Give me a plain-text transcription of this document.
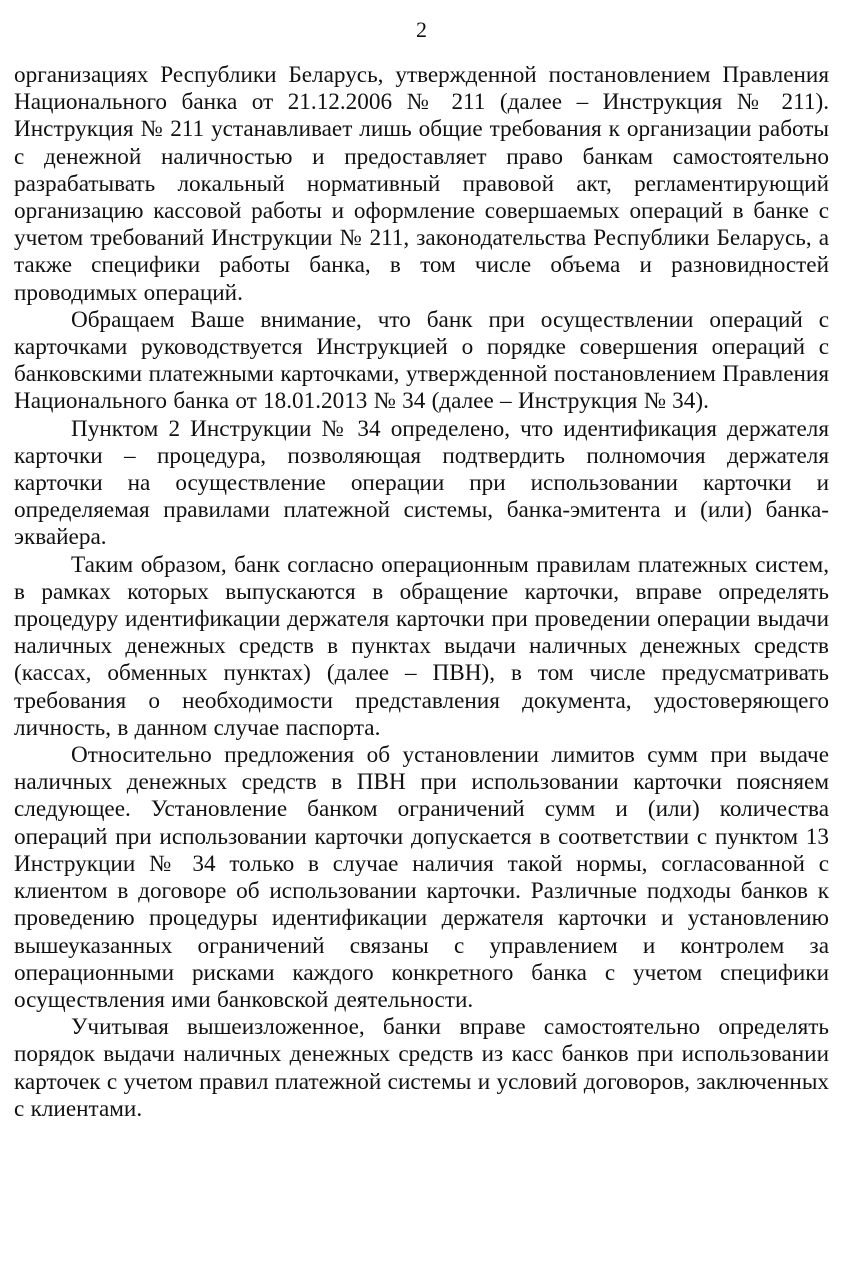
2

организациях Республики Беларусь, утвержденной постановлением Правления Национального банка от 21.12.2006 № 211 (далее – Инструкция № 211). Инструкция № 211 устанавливает лишь общие требования к организации работы с денежной наличностью и предоставляет право банкам самостоятельно разрабатывать локальный нормативный правовой акт, регламентирующий организацию кассовой работы и оформление совершаемых операций в банке с учетом требований Инструкции № 211, законодательства Республики Беларусь, а также специфики работы банка, в том числе объема и разновидностей проводимых операций.

Обращаем Ваше внимание, что банк при осуществлении операций с карточками руководствуется Инструкцией о порядке совершения операций с банковскими платежными карточками, утвержденной постановлением Правления Национального банка от 18.01.2013 № 34 (далее – Инструкция № 34).

Пунктом 2 Инструкции № 34 определено, что идентификация держателя карточки – процедура, позволяющая подтвердить полномочия держателя карточки на осуществление операции при использовании карточки и определяемая правилами платежной системы, банка-эмитента и (или) банка-эквайера.

Таким образом, банк согласно операционным правилам платежных систем, в рамках которых выпускаются в обращение карточки, вправе определять процедуру идентификации держателя карточки при проведении операции выдачи наличных денежных средств в пунктах выдачи наличных денежных средств (кассах, обменных пунктах) (далее – ПВН), в том числе предусматривать требования о необходимости представления документа, удостоверяющего личность, в данном случае паспорта.

Относительно предложения об установлении лимитов сумм при выдаче наличных денежных средств в ПВН при использовании карточки поясняем следующее. Установление банком ограничений сумм и (или) количества операций при использовании карточки допускается в соответствии с пунктом 13 Инструкции № 34 только в случае наличия такой нормы, согласованной с клиентом в договоре об использовании карточки. Различные подходы банков к проведению процедуры идентификации держателя карточки и установлению вышеуказанных ограничений связаны с управлением и контролем за операционными рисками каждого конкретного банка с учетом специфики осуществления ими банковской деятельности.

Учитывая вышеизложенное, банки вправе самостоятельно определять порядок выдачи наличных денежных средств из касс банков при использовании карточек с учетом правил платежной системы и условий договоров, заключенных с клиентами.
